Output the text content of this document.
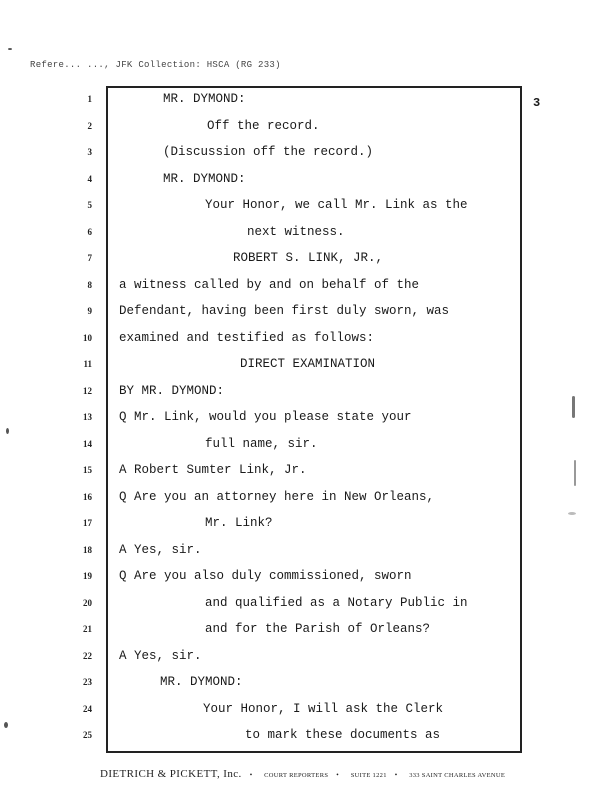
Refere... ..., JFK Collection: HSCA (RG 233)
3
1	MR. DYMOND:
2	Off the record.
3	(Discussion off the record.)
4	MR. DYMOND:
5	Your Honor, we call Mr. Link as the
6	next witness.
7	ROBERT S. LINK, JR.,
8 a witness called by and on behalf of the
9 Defendant, having been first duly sworn, was
10 examined and testified as follows:
11	DIRECT EXAMINATION
12 BY MR. DYMOND:
13 Q Mr. Link, would you please state your
14	full name, sir.
15 A Robert Sumter Link, Jr.
16 Q Are you an attorney here in New Orleans,
17	Mr. Link?
18 A Yes, sir.
19 Q Are you also duly commissioned, sworn
20	and qualified as a Notary Public in
21	and for the Parish of Orleans?
22 A Yes, sir.
23	MR. DYMOND:
24	Your Honor, I will ask the Clerk
25	to mark these documents as
DIETRICH & PICKETT, Inc. • COURT REPORTERS • SUITE 1221 • 333 SAINT CHARLES AVENUE
